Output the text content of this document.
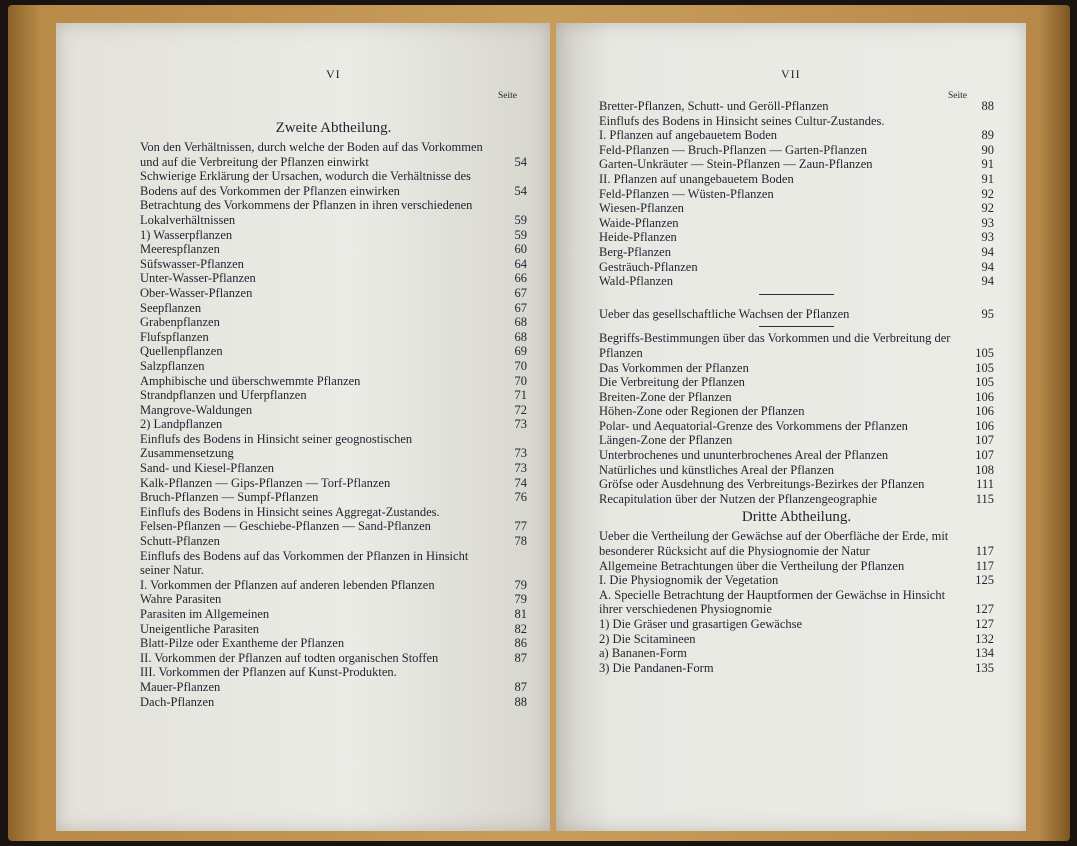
VI
Seite
Zweite Abtheilung.
Von den Verhältnissen, durch welche der Boden auf das Vorkommen und auf die Verbreitung der Pflanzen einwirkt	54
Schwierige Erklärung der Ursachen, wodurch die Verhältnisse des Bodens auf des Vorkommen der Pflanzen einwirken	54
Betrachtung des Vorkommens der Pflanzen in ihren verschiedenen Lokalverhältnissen	59
1) Wasserpflanzen	59
Meerespflanzen	60
Süfswasser-Pflanzen	64
Unter-Wasser-Pflanzen	66
Ober-Wasser-Pflanzen	67
Seepflanzen	67
Grabenpflanzen	68
Flufspflanzen	68
Quellenpflanzen	69
Salzpflanzen	70
Amphibische und überschwemmte Pflanzen	70
Strandpflanzen und Uferpflanzen	71
Mangrove-Waldungen	72
2) Landpflanzen	73
Einflufs des Bodens in Hinsicht seiner geognostischen Zusammensetzung	73
Sand- und Kiesel-Pflanzen	73
Kalk-Pflanzen — Gips-Pflanzen — Torf-Pflanzen	74
Bruch-Pflanzen — Sumpf-Pflanzen	76
Einflufs des Bodens in Hinsicht seines Aggregat-Zustandes.
Felsen-Pflanzen — Geschiebe-Pflanzen — Sand-Pflanzen	77
Schutt-Pflanzen	78
Einflufs des Bodens auf das Vorkommen der Pflanzen in Hinsicht seiner Natur.
I. Vorkommen der Pflanzen auf anderen lebenden Pflanzen	79
Wahre Parasiten	79
Parasiten im Allgemeinen	81
Uneigentliche Parasiten	82
Blatt-Pilze oder Exantheme der Pflanzen	86
II. Vorkommen der Pflanzen auf todten organischen Stoffen	87
III. Vorkommen der Pflanzen auf Kunst-Produkten.
Mauer-Pflanzen	87
Dach-Pflanzen	88
VII
Seite
Bretter-Pflanzen, Schutt- und Geröll-Pflanzen	88
Einflufs des Bodens in Hinsicht seines Cultur-Zustandes.
I. Pflanzen auf angebauetem Boden	89
Feld-Pflanzen — Bruch-Pflanzen — Garten-Pflanzen	90
Garten-Unkräuter — Stein-Pflanzen — Zaun-Pflanzen	91
II. Pflanzen auf unangebauetem Boden	91
Feld-Pflanzen — Wüsten-Pflanzen	92
Wiesen-Pflanzen	92
Waide-Pflanzen	93
Heide-Pflanzen	93
Berg-Pflanzen	94
Gesträuch-Pflanzen	94
Wald-Pflanzen	94
Ueber das gesellschaftliche Wachsen der Pflanzen	95
Begriffs-Bestimmungen über das Vorkommen und die Verbreitung der Pflanzen	105
Das Vorkommen der Pflanzen	105
Die Verbreitung der Pflanzen	105
Breiten-Zone der Pflanzen	106
Höhen-Zone oder Regionen der Pflanzen	106
Polar- und Aequatorial-Grenze des Vorkommens der Pflanzen	106
Längen-Zone der Pflanzen	107
Unterbrochenes und ununterbrochenes Areal der Pflanzen	107
Natürliches und künstliches Areal der Pflanzen	108
Gröfse oder Ausdehnung des Verbreitungs-Bezirkes der Pflanzen	111
Recapitulation über der Nutzen der Pflanzengeographie	115
Dritte Abtheilung.
Ueber die Vertheilung der Gewächse auf der Oberfläche der Erde, mit besonderer Rücksicht auf die Physiognomie der Natur	117
Allgemeine Betrachtungen über die Vertheilung der Pflanzen	117
I. Die Physiognomik der Vegetation	125
A. Specielle Betrachtung der Hauptformen der Gewächse in Hinsicht ihrer verschiedenen Physiognomie	127
1) Die Gräser und grasartigen Gewächse	127
2) Die Scitamineen	132
a) Bananen-Form	134
3) Die Pandanen-Form	135
